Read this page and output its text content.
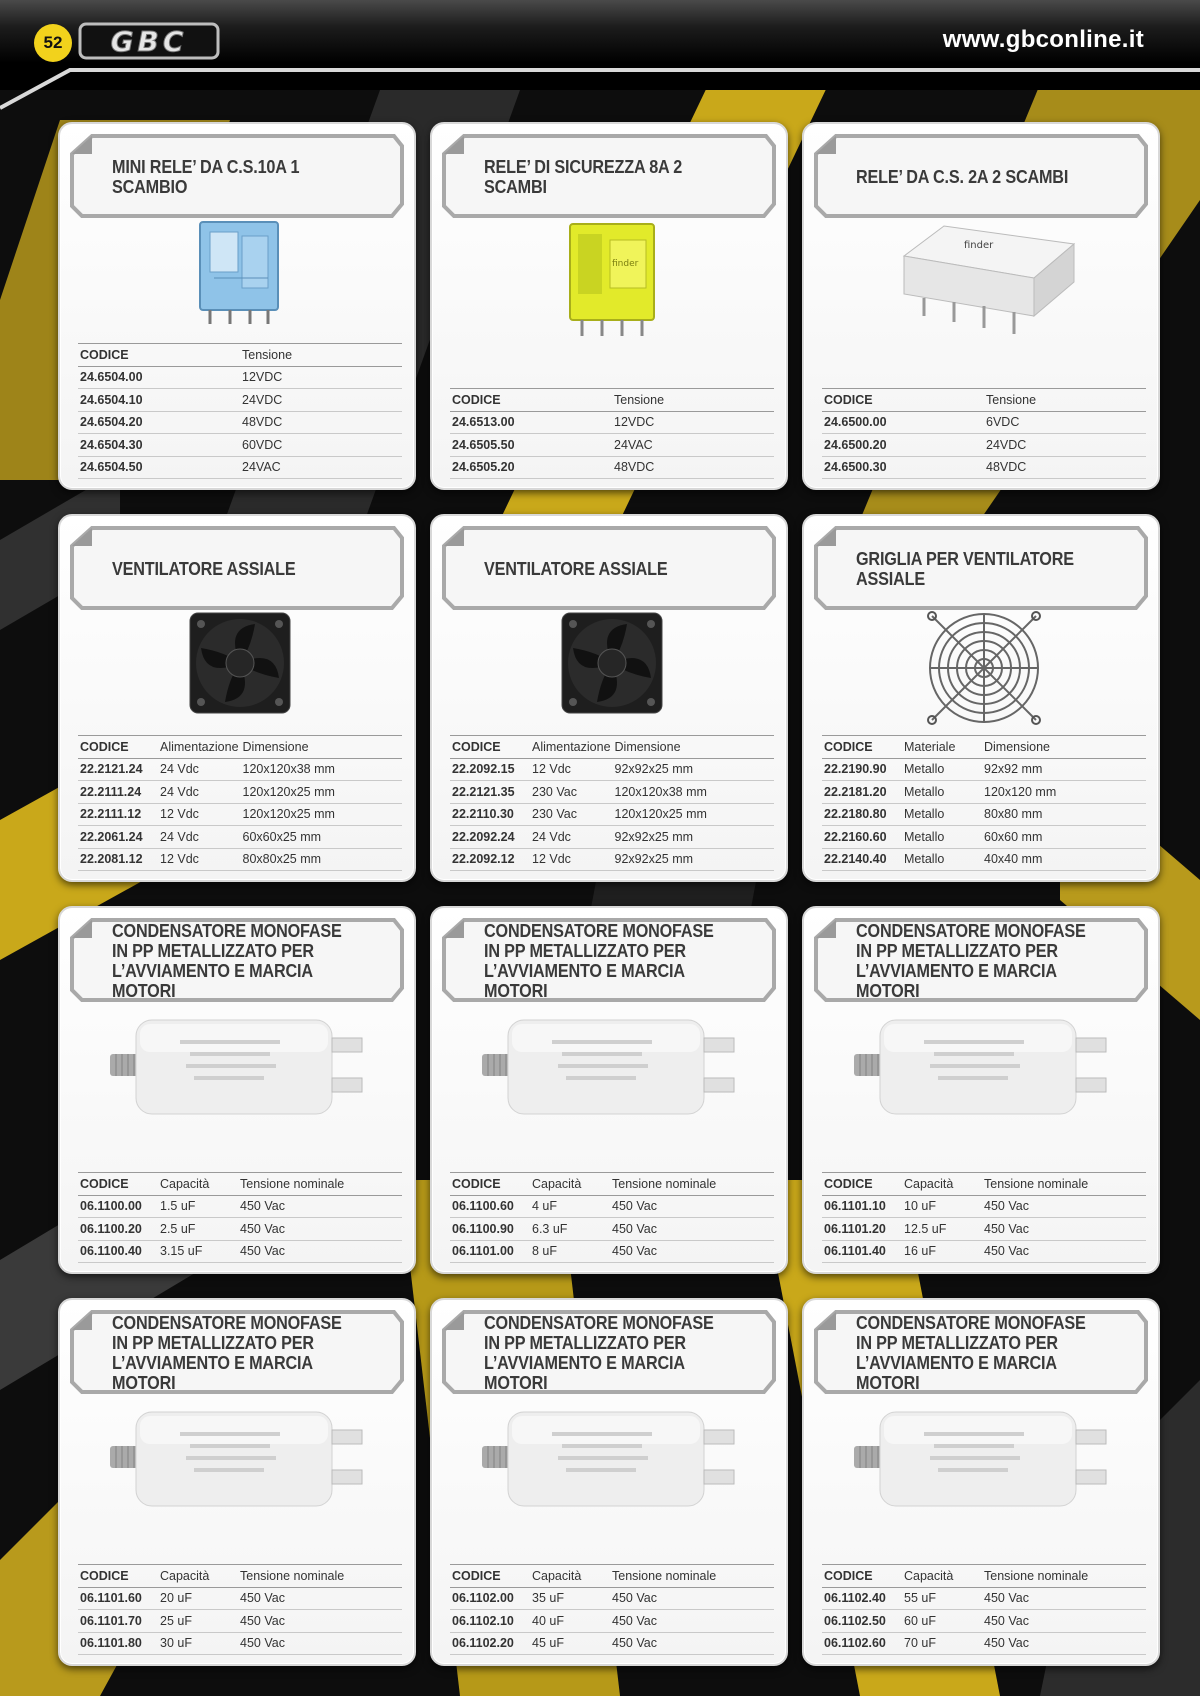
52	GBC	www.gbconline.it
MINI RELE’ DA C.S.10A 1 SCAMBIO
CODICE	Tensione
24.6504.00	12VDC
24.6504.10	24VDC
24.6504.20	48VDC
24.6504.30	60VDC
24.6504.50	24VAC
RELE’ DI SICUREZZA 8A 2 SCAMBI
finder
CODICE	Tensione
24.6513.00	12VDC
24.6505.50	24VAC
24.6505.20	48VDC
RELE’ DA C.S. 2A 2 SCAMBI
finder
CODICE	Tensione
24.6500.00	6VDC
24.6500.20	24VDC
24.6500.30	48VDC
VENTILATORE ASSIALE
CODICE	Alimentazione	Dimensione
22.2121.24	24 Vdc	120x120x38 mm
22.2111.24	24 Vdc	120x120x25 mm
22.2111.12	12 Vdc	120x120x25 mm
22.2061.24	24 Vdc	60x60x25 mm
22.2081.12	12 Vdc	80x80x25 mm
VENTILATORE ASSIALE
CODICE	Alimentazione	Dimensione
22.2092.15	12 Vdc	92x92x25 mm
22.2121.35	230 Vac	120x120x38 mm
22.2110.30	230 Vac	120x120x25 mm
22.2092.24	24 Vdc	92x92x25 mm
22.2092.12	12 Vdc	92x92x25 mm
GRIGLIA PER VENTILATORE
ASSIALE
CODICE	Materiale	Dimensione
22.2190.90	Metallo	92x92 mm
22.2181.20	Metallo	120x120 mm
22.2180.80	Metallo	80x80 mm
22.2160.60	Metallo	60x60 mm
22.2140.40	Metallo	40x40 mm
CONDENSATORE MONOFASE
IN PP METALLIZZATO PER
L’AVVIAMENTO E MARCIA MOTORI
CODICE	Capacità	Tensione nominale
06.1100.00	1.5 uF	450 Vac
06.1100.20	2.5 uF	450 Vac
06.1100.40	3.15 uF	450 Vac
CONDENSATORE MONOFASE
IN PP METALLIZZATO PER
L’AVVIAMENTO E MARCIA MOTORI
CODICE	Capacità	Tensione nominale
06.1100.60	4 uF	450 Vac
06.1100.90	6.3 uF	450 Vac
06.1101.00	8 uF	450 Vac
CONDENSATORE MONOFASE
IN PP METALLIZZATO PER
L’AVVIAMENTO E MARCIA MOTORI
CODICE	Capacità	Tensione nominale
06.1101.10	10 uF	450 Vac
06.1101.20	12.5 uF	450 Vac
06.1101.40	16 uF	450 Vac
CONDENSATORE MONOFASE
IN PP METALLIZZATO PER
L’AVVIAMENTO E MARCIA MOTORI
CODICE	Capacità	Tensione nominale
06.1101.60	20 uF	450 Vac
06.1101.70	25 uF	450 Vac
06.1101.80	30 uF	450 Vac
CONDENSATORE MONOFASE
IN PP METALLIZZATO PER
L’AVVIAMENTO E MARCIA MOTORI
CODICE	Capacità	Tensione nominale
06.1102.00	35 uF	450 Vac
06.1102.10	40 uF	450 Vac
06.1102.20	45 uF	450 Vac
CONDENSATORE MONOFASE
IN PP METALLIZZATO PER
L’AVVIAMENTO E MARCIA MOTORI
CODICE	Capacità	Tensione nominale
06.1102.40	55 uF	450 Vac
06.1102.50	60 uF	450 Vac
06.1102.60	70 uF	450 Vac
